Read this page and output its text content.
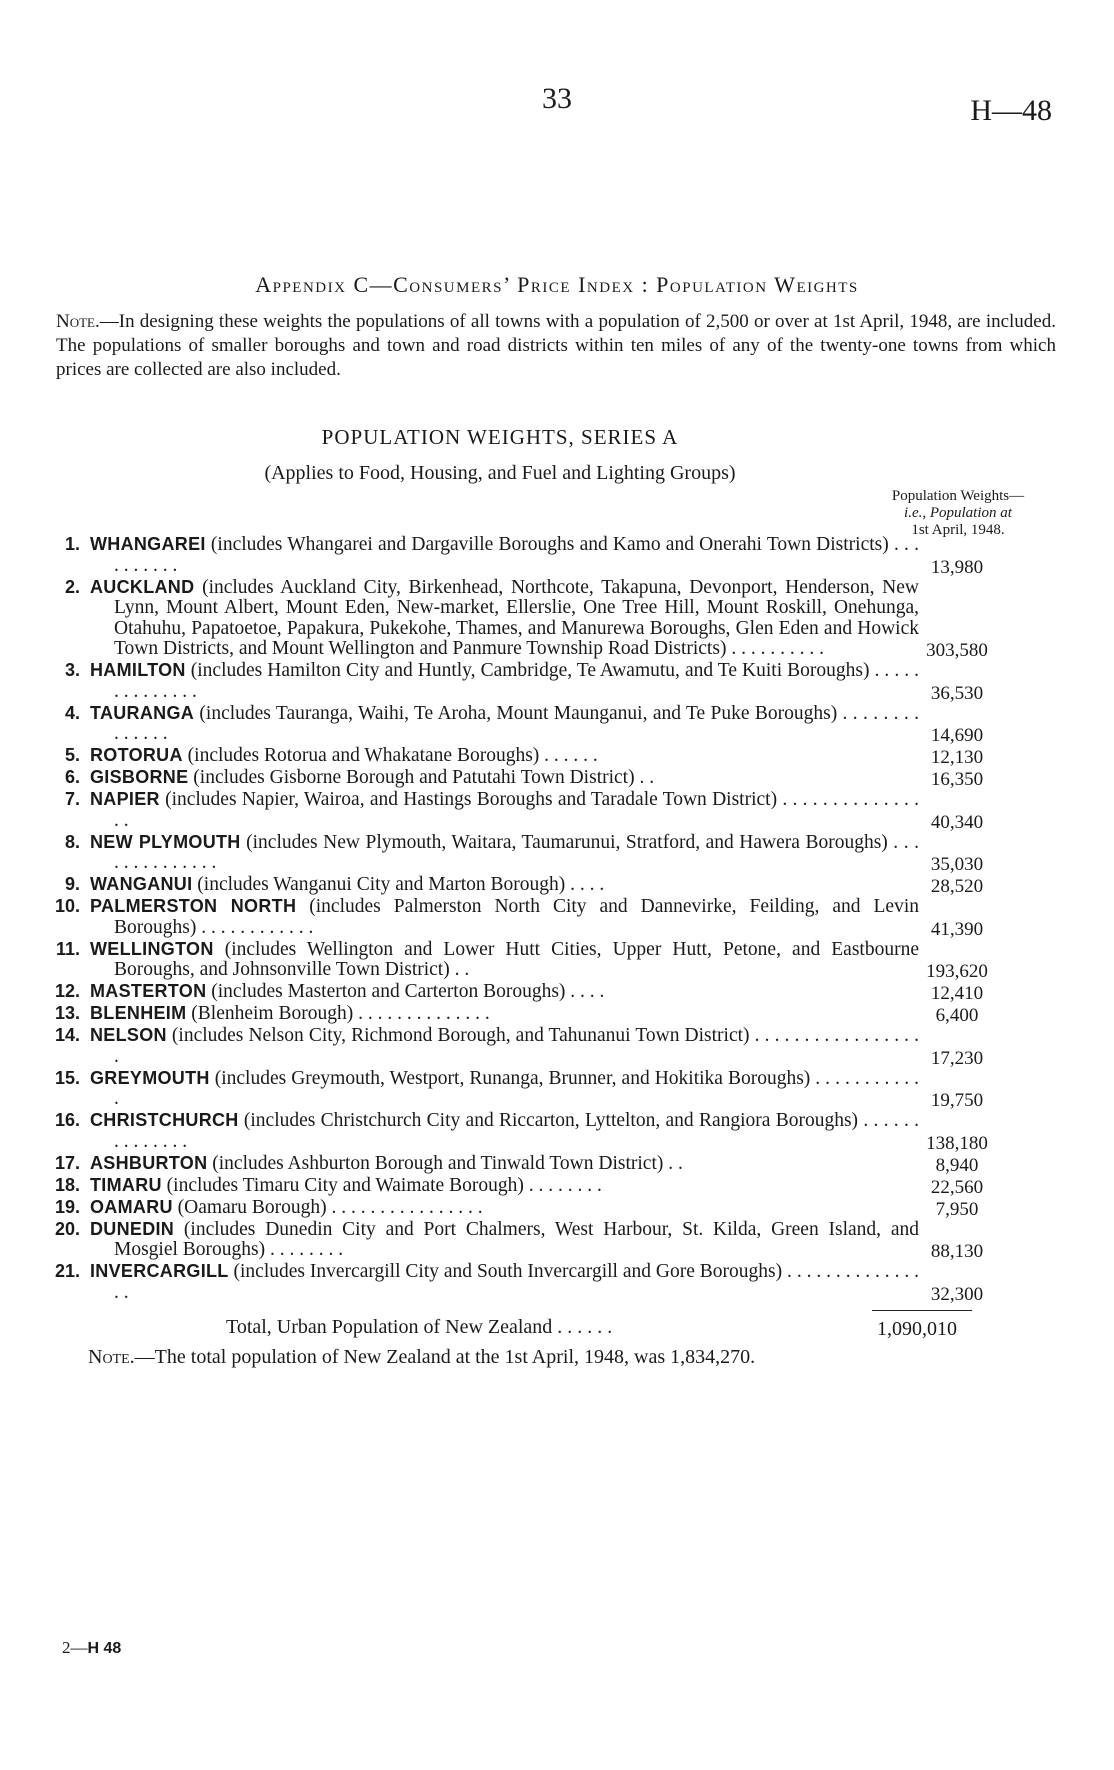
33	H—48
Appendix C—Consumers’ Price Index : Population Weights
Note.—In designing these weights the populations of all towns with a population of 2,500 or over at 1st April, 1948, are included. The populations of smaller boroughs and town and road districts within ten miles of any of the twenty-one towns from which prices are collected are also included.
POPULATION WEIGHTS, SERIES A
(Applies to Food, Housing, and Fuel and Lighting Groups)
Population Weights—
i.e., Population at
1st April, 1948.
1. WHANGAREI (includes Whangarei and Dargaville Boroughs and Kamo and Onerahi Town Districts) . . . . . . . . . .	13,980
2. AUCKLAND (includes Auckland City, Birkenhead, Northcote, Takapuna, Devonport, Henderson, New Lynn, Mount Albert, Mount Eden, New-market, Ellerslie, One Tree Hill, Mount Roskill, Onehunga, Otahuhu, Papatoetoe, Papakura, Pukekohe, Thames, and Manurewa Boroughs, Glen Eden and Howick Town Districts, and Mount Wellington and Panmure Township Road Districts) . . . . . . . . . .	303,580
3. HAMILTON (includes Hamilton City and Huntly, Cambridge, Te Awamutu, and Te Kuiti Boroughs) . . . . . . . . . . . . . .	36,530
4. TAURANGA (includes Tauranga, Waihi, Te Aroha, Mount Maunganui, and Te Puke Boroughs) . . . . . . . . . . . . . .	14,690
5. ROTORUA (includes Rotorua and Whakatane Boroughs) . . . . . .	12,130
6. GISBORNE (includes Gisborne Borough and Patutahi Town District) . .	16,350
7. NAPIER (includes Napier, Wairoa, and Hastings Boroughs and Taradale Town District) . . . . . . . . . . . . . . . .	40,340
8. NEW PLYMOUTH (includes New Plymouth, Waitara, Taumarunui, Stratford, and Hawera Boroughs) . . . . . . . . . . . . . .	35,030
9. WANGANUI (includes Wanganui City and Marton Borough) . . . .	28,520
10. PALMERSTON NORTH (includes Palmerston North City and Dannevirke, Feilding, and Levin Boroughs) . . . . . . . . . . . .	41,390
11. WELLINGTON (includes Wellington and Lower Hutt Cities, Upper Hutt, Petone, and Eastbourne Boroughs, and Johnsonville Town District) . .	193,620
12. MASTERTON (includes Masterton and Carterton Boroughs) . . . .	12,410
13. BLENHEIM (Blenheim Borough) . . . . . . . . . . . . . .	6,400
14. NELSON (includes Nelson City, Richmond Borough, and Tahunanui Town District) . . . . . . . . . . . . . . . . . .	17,230
15. GREYMOUTH (includes Greymouth, Westport, Runanga, Brunner, and Hokitika Boroughs) . . . . . . . . . . . .	19,750
16. CHRISTCHURCH (includes Christchurch City and Riccarton, Lyttelton, and Rangiora Boroughs) . . . . . . . . . . . . . .	138,180
17. ASHBURTON (includes Ashburton Borough and Tinwald Town District) . .	8,940
18. TIMARU (includes Timaru City and Waimate Borough) . . . . . . . .	22,560
19. OAMARU (Oamaru Borough) . . . . . . . . . . . . . . . .	7,950
20. DUNEDIN (includes Dunedin City and Port Chalmers, West Harbour, St. Kilda, Green Island, and Mosgiel Boroughs) . . . . . . . .	88,130
21. INVERCARGILL (includes Invercargill City and South Invercargill and Gore Boroughs) . . . . . . . . . . . . . . . .	32,300
Total, Urban Population of New Zealand . . . . . .	1,090,010
Note.—The total population of New Zealand at the 1st April, 1948, was 1,834,270.
2—H 48
